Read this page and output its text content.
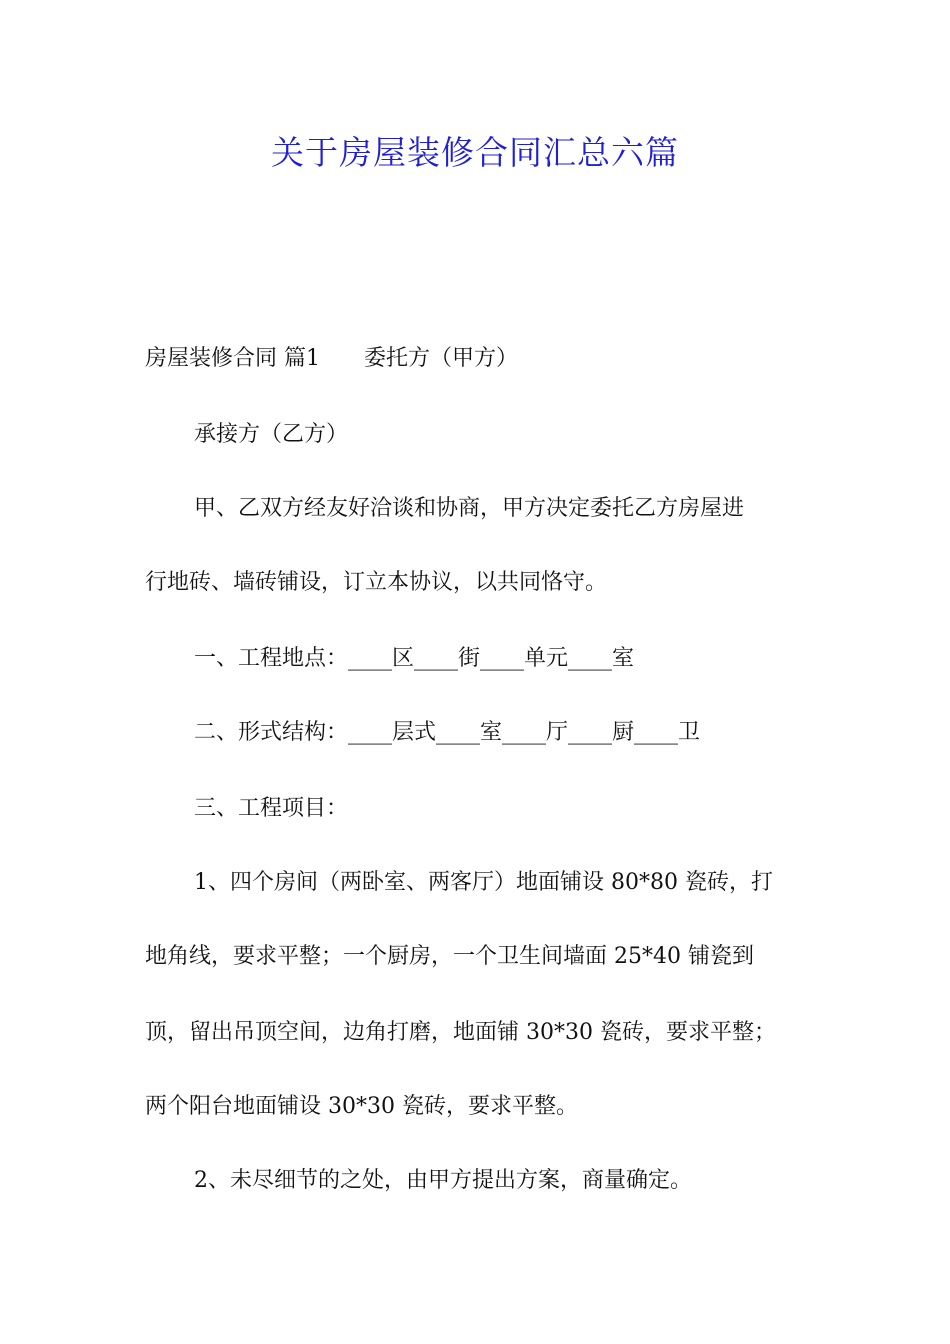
关于房屋装修合同汇总六篇
房屋装修合同 篇1 委托方（甲方）
承接方（乙方）
甲、乙双方经友好洽谈和协商，甲方决定委托乙方房屋进
行地砖、墙砖铺设，订立本协议，以共同恪守。
一、工程地点：____区____街____单元____室
二、形式结构：____层式____室____厅____厨____卫
三、工程项目：
1、四个房间（两卧室、两客厅）地面铺设 80*80 瓷砖，打
地角线，要求平整；一个厨房，一个卫生间墙面 25*40 铺瓷到
顶，留出吊顶空间，边角打磨，地面铺 30*30 瓷砖，要求平整；
两个阳台地面铺设 30*30 瓷砖，要求平整。
2、未尽细节的之处，由甲方提出方案，商量确定。
